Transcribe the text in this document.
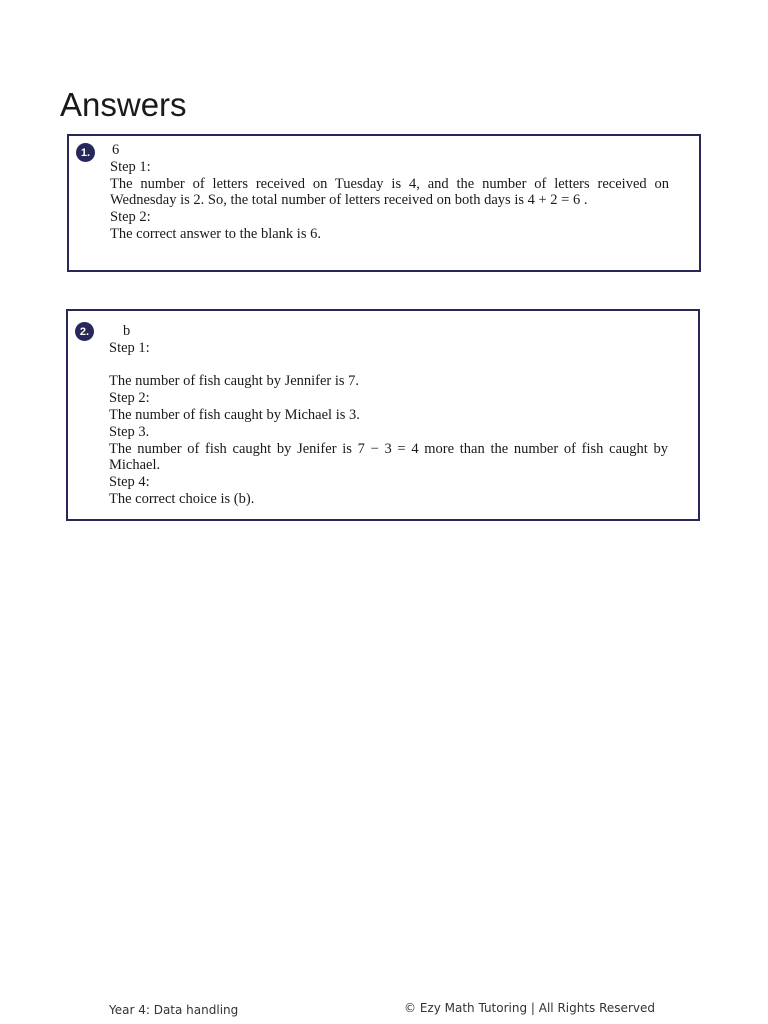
Answers
1.	6
Step 1:
The number of letters received on Tuesday is 4, and the number of letters received on Wednesday is 2. So, the total number of letters received on both days is 4 + 2 = 6 .
Step 2:
The correct answer to the blank is 6.
2.	b
Step 1:
The number of fish caught by Jennifer is 7.
Step 2:
The number of fish caught by Michael is 3.
Step 3.
The number of fish caught by Jenifer is 7 − 3 = 4 more than the number of fish caught by Michael.
Step 4:
The correct choice is (b).
Year 4: Data handling	© Ezy Math Tutoring | All Rights Reserved
